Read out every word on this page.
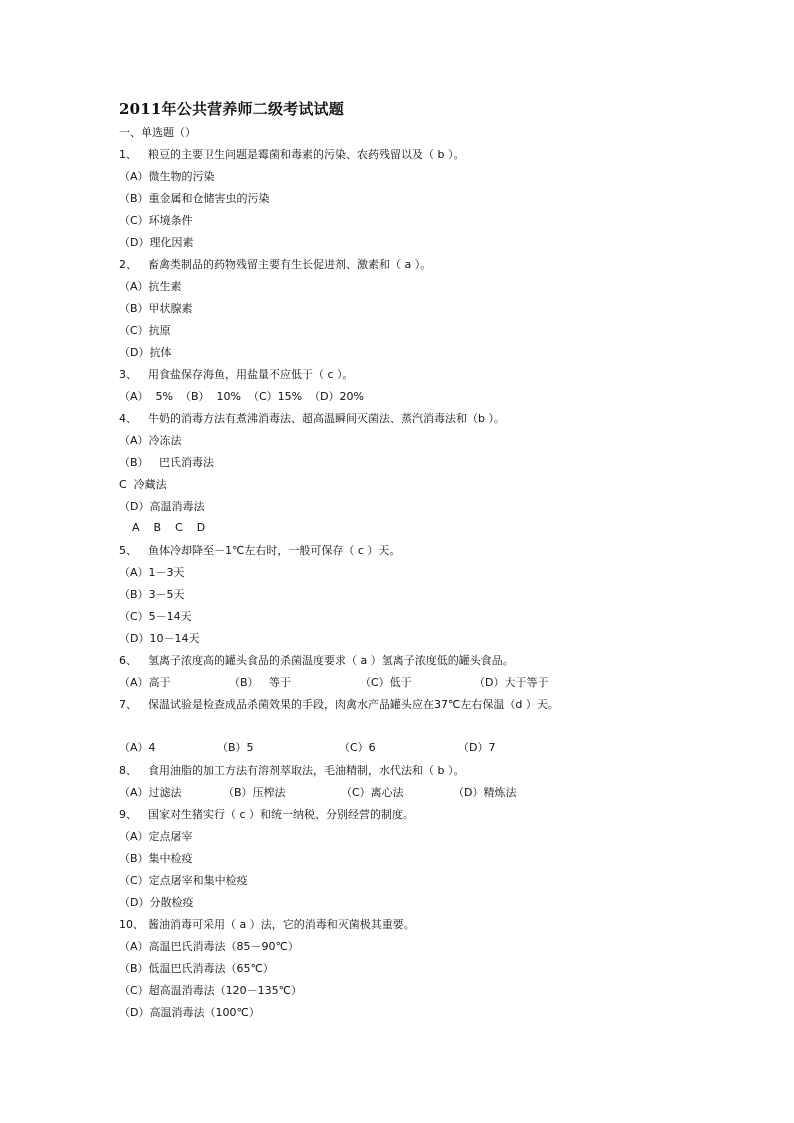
2011年公共营养师二级考试试题
一、单选题（）
1、 粮豆的主要卫生问题是霉菌和毒素的污染、农药残留以及（ b ）。
（A）微生物的污染
（B）重金属和仓储害虫的污染
（C）环境条件
（D）理化因素
2、 畜禽类制品的药物残留主要有生长促进剂、激素和（ a ）。
（A）抗生素
（B）甲状腺素
（C）抗原
（D）抗体
3、 用食盐保存海鱼，用盐量不应低于（ c ）。
（A）  5%  （B）  10%  （C）15%  （D）20%
4、 牛奶的消毒方法有煮沸消毒法、超高温瞬间灭菌法、蒸汽消毒法和（b ）。
（A）冷冻法
（B）   巴氏消毒法
C  冷藏法
（D）高温消毒法
A    B    C    D
5、 鱼体冷却降至－1℃左右时，一般可保存（ c ）天。
（A）1－3天
（B）3－5天
（C）5－14天
（D）10－14天
6、 氢离子浓度高的罐头食品的杀菌温度要求（ a ）氢离子浓度低的罐头食品。
（A）高于	（B）   等于	（C）低于	（D）大于等于
7、 保温试验是检查成品杀菌效果的手段，肉禽水产品罐头应在37℃左右保温（d ）天。
（A）4	（B）5	（C）6	（D）7
8、 食用油脂的加工方法有溶剂萃取法，毛油精制，水代法和（ b ）。
（A）过滤法	（B）压榨法	（C）离心法	（D）精炼法
9、 国家对生猪实行（ c ）和统一纳税、分别经营的制度。
（A）定点屠宰
（B）集中检疫
（C）定点屠宰和集中检疫
（D）分散检疫
10、 酱油消毒可采用（ a ）法，它的消毒和灭菌极其重要。
（A）高温巴氏消毒法（85－90℃）
（B）低温巴氏消毒法（65℃）
（C）超高温消毒法（120－135℃）
（D）高温消毒法（100℃）
